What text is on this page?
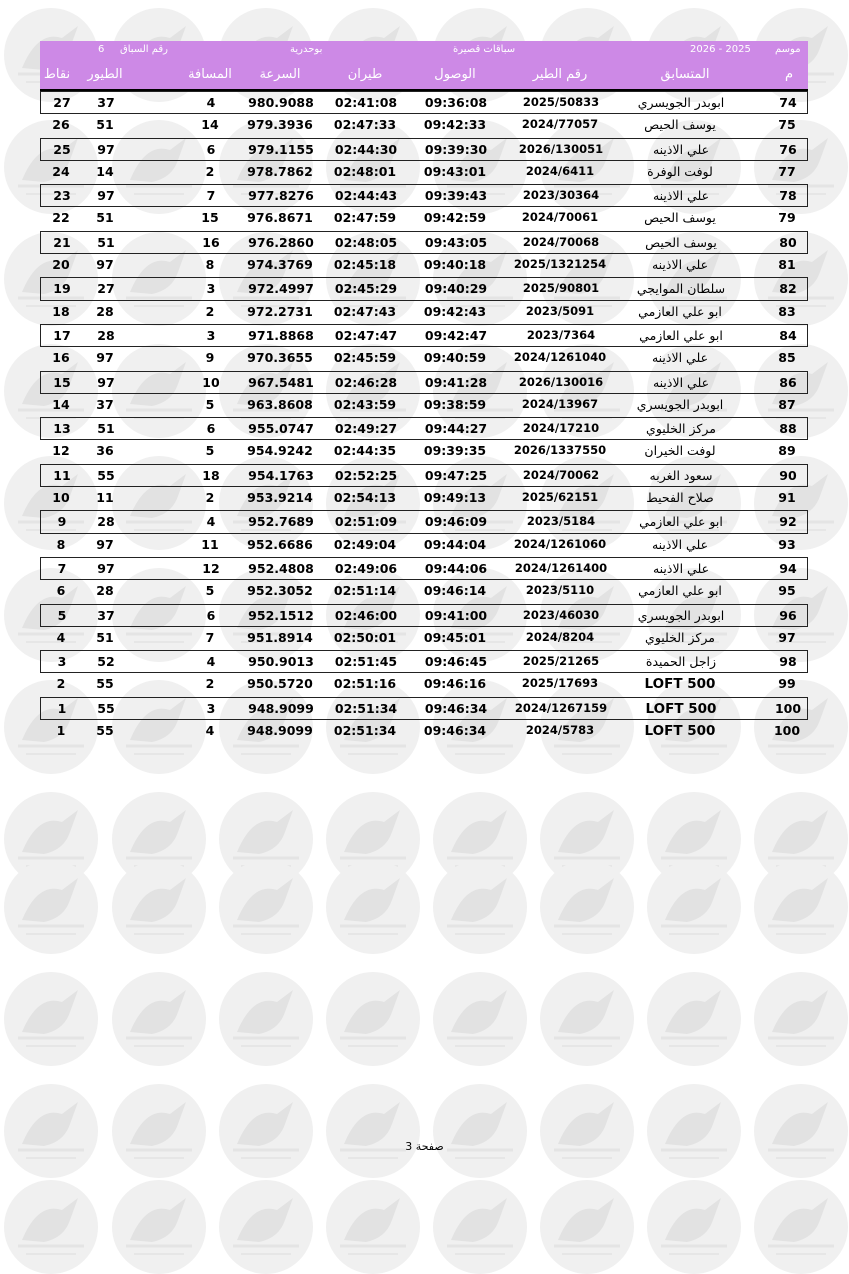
2026 - 2025 موسم
سباقات قصيرة
بوحدرية
6 رقم السباق
نقاط	الطيور	المسافة	السرعة	طيران	الوصول	رقم الطير	المتسابق	م
27	37	4	980.9088	02:41:08	09:36:08	2025/50833	ابوبدر الجويسري	74
26	51	14	979.3936	02:47:33	09:42:33	2024/77057	يوسف الحيص	75
25	97	6	979.1155	02:44:30	09:39:30	2026/130051	علي الاذينه	76
24	14	2	978.7862	02:48:01	09:43:01	2024/6411	لوفت الوفرة	77
23	97	7	977.8276	02:44:43	09:39:43	2023/30364	علي الاذينه	78
22	51	15	976.8671	02:47:59	09:42:59	2024/70061	يوسف الحيص	79
21	51	16	976.2860	02:48:05	09:43:05	2024/70068	يوسف الحيص	80
20	97	8	974.3769	02:45:18	09:40:18	2025/1321254	علي الاذينه	81
19	27	3	972.4997	02:45:29	09:40:29	2025/90801	سلطان الموايجي	82
18	28	2	972.2731	02:47:43	09:42:43	2023/5091	ابو علي العازمي	83
17	28	3	971.8868	02:47:47	09:42:47	2023/7364	ابو علي العازمي	84
16	97	9	970.3655	02:45:59	09:40:59	2024/1261040	علي الاذينه	85
15	97	10	967.5481	02:46:28	09:41:28	2026/130016	علي الاذينه	86
14	37	5	963.8608	02:43:59	09:38:59	2024/13967	ابوبدر الجويسري	87
13	51	6	955.0747	02:49:27	09:44:27	2024/17210	مركز الخليوي	88
12	36	5	954.9242	02:44:35	09:39:35	2026/1337550	لوفت الخيران	89
11	55	18	954.1763	02:52:25	09:47:25	2024/70062	سعود الغربه	90
10	11	2	953.9214	02:54:13	09:49:13	2025/62151	صلاح الفحيط	91
9	28	4	952.7689	02:51:09	09:46:09	2023/5184	ابو علي العازمي	92
8	97	11	952.6686	02:49:04	09:44:04	2024/1261060	علي الاذينه	93
7	97	12	952.4808	02:49:06	09:44:06	2024/1261400	علي الاذينه	94
6	28	5	952.3052	02:51:14	09:46:14	2023/5110	ابو علي العازمي	95
5	37	6	952.1512	02:46:00	09:41:00	2023/46030	ابوبدر الجويسري	96
4	51	7	951.8914	02:50:01	09:45:01	2024/8204	مركز الخليوي	97
3	52	4	950.9013	02:51:45	09:46:45	2025/21265	زاجل الحميدة	98
2	55	2	950.5720	02:51:16	09:46:16	2025/17693	LOFT 500	99
1	55	3	948.9099	02:51:34	09:46:34	2024/1267159	LOFT 500	100
1	55	4	948.9099	02:51:34	09:46:34	2024/5783	LOFT 500	100
صفحة 3
